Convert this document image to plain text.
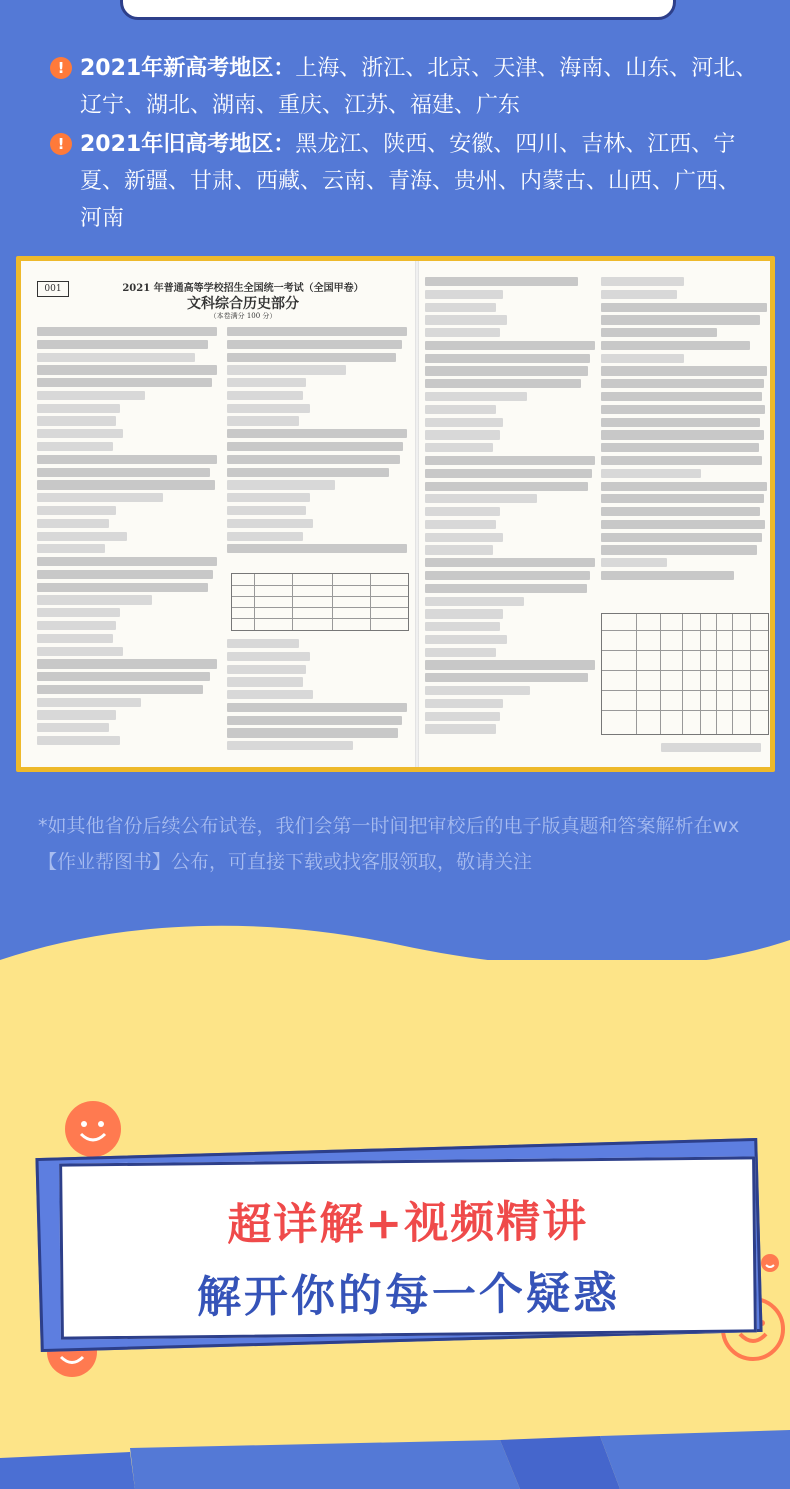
! 2021年新高考地区：上海、浙江、北京、天津、海南、山东、河北、辽宁、湖北、湖南、重庆、江苏、福建、广东
! 2021年旧高考地区：黑龙江、陕西、安徽、四川、吉林、江西、宁夏、新疆、甘肃、西藏、云南、青海、贵州、内蒙古、山西、广西、河南
001	2021 年普通高等学校招生全国统一考试（全国甲卷）
文科综合历史部分
（本卷满分 100 分）
*如其他省份后续公布试卷，我们会第一时间把审校后的电子版真题和答案解析在wx【作业帮图书】公布，可直接下载或找客服领取，敬请关注
超详解+视频精讲
解开你的每一个疑惑
